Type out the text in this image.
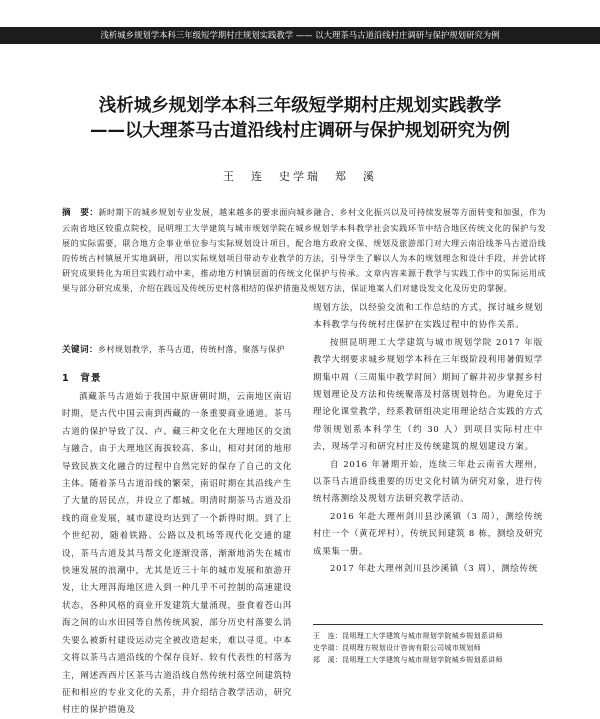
浅析城乡规划学本科三年级短学期村庄规划实践教学 —— 以大理茶马古道沿线村庄调研与保护规划研究为例
浅析城乡规划学本科三年级短学期村庄规划实践教学
——以大理茶马古道沿线村庄调研与保护规划研究为例
王　连　史学瑞　郑　溪
摘　要：新时期下的城乡规划专业发展，越来越多的要求面向城乡融合、乡村文化振兴以及可持续发展等方面转变和加强，作为云南省地区较重点院校，昆明理工大学建筑与城市规划学院在城乡规划学本科教学社会实践环节中结合地区传统文化的保护与发展的实际需要，联合地方企事业单位参与实际规划设计项目，配合地方政府文保、规划及旅游部门对大理云南沿线茶马古道沿线的传统古村镇展开实地调研，用以实际规划项目带动专业教学的方法，引导学生了解以人为本的规划理念和设计手段，并尝试将研究成果转化为项目实践行动中来，推动地方村镇层面的传统文化保护与传承。文章内容来源于教学与实践工作中的实际运用成果与部分研究成果，介绍在践远及传统历史村落相结的保护措施及规划方法，保证地案人们对建设发文化及历史的掌握。
关键词：乡村规划教学，茶马古道，传统村落，聚落与保护
1　背景
滇藏茶马古道始于我国中原唐朝时期，云南地区南诏时期，是古代中国云南到西藏的一条重要商业通道。茶马古道的保护导致了汉、卢、藏三种文化在大理地区的交流与融合，由于大理地区海拔较高、多山，相对封闭的地形导致民族文化融合的过程中自然完好的保存了自己的文化主体。随着茶马古道沿线的繁荣，南诏时期在其沿线产生了大量的居民点，并设立了都城。明清时期茶马古道及沿线的商业发展，城市建设均达到了一个新得时期。到了上个世纪初，随着铁路、公路以及机场等现代化交通的建设，茶马古道及其马帮文化逐渐没落，渐渐地消失在城市快速发展的浪潮中，尤其是近三十年的城市发展和旅游开发，让大理洱海地区进入到一种几乎不可控制的高速建设状态，各种风格的商业开发建筑大量涌现，蚕食着苍山洱海之间的山水田园等自然传统风貌，部分历史村落要么消失要么被新村建设运动完全被改造起来，难以寻觅。中本文将以茶马古道沿线的个保存良好、较有代表性的村落为主，阐述西西片区茶马古道沿线自然传统村落空间建筑特征和相应的专业文化的关系，并介绍结合教学活动，研究村庄的保护措施及
规划方法，以经验交流和工作总结的方式，探讨城乡规划本科教学与传统村庄保护在实践过程中的协作关系。
按照昆明理工大学建筑与城市规划学院 2017 年版教学大纲要求城乡规划学本科在三年级阶段利用暑假短学期集中周（三周集中教学时间）期间了解并初步掌握乡村规划理论及方法和传统聚落及村落规划特色。为避免过于理论化课堂教学，经系教研组决定用理论结合实践的方式带领规划系本科学生（约 30 人）到项目实际村庄中去，现场学习和研究村庄及传统建筑的规划建设方案。
自 2016 年暑期开始，连续三年赴云南省大理州，以茶马古道沿线重要的历史文化村镇为研究对象，进行传统村落测绘及规划方法研究教学活动。
2016 年赴大理州剑川县沙溪镇（3 周），测绘传统村庄一个（黄花坪村），传统民间建筑 8 栋，测绘及研究成果集一册。
2017 年赴大理州剑川县沙溪镇（3 周），测绘传统
王　连：昆明理工大学建筑与城市规划学院城乡规划系讲师
史学瑞：昆明理方规划设计咨询有限公司城市规划师
郑　溪：昆明理工大学建筑与城市规划学院城乡规划系讲师
